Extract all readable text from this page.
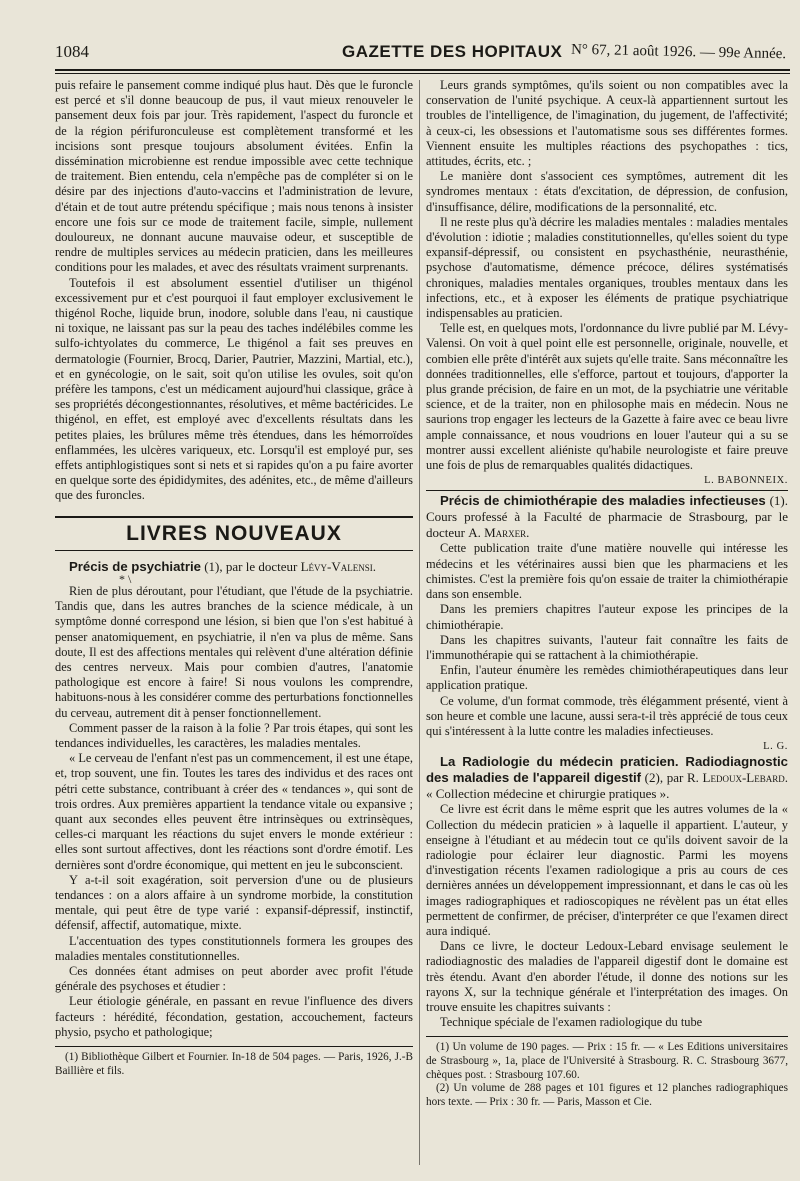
1084	GAZETTE DES HOPITAUX N° 67, 21 août 1926. — 99e Année.

puis refaire le pansement comme indiqué plus haut. Dès que le furoncle est percé et s'il donne beaucoup de pus, il vaut mieux renouveler le pansement deux fois par jour. Très rapidement, l'aspect du furoncle et de la région périfuronculeuse est complètement transformé et les incisions sont presque toujours absolument évitées. Enfin la dissémination microbienne est rendue impossible avec cette technique de traitement. Bien entendu, cela n'empêche pas de compléter si on le désire par des injections d'auto-vaccins et l'administration de levure, d'étain et de tout autre prétendu spécifique ; mais nous tenons à insister encore une fois sur ce mode de traitement facile, simple, nullement douloureux, ne donnant aucune mauvaise odeur, et susceptible de rendre de multiples services au médecin praticien, dans les meilleures conditions pour les malades, et avec des résultats vraiment surprenants.

Toutefois il est absolument essentiel d'utiliser un thigénol excessivement pur et c'est pourquoi il faut employer exclusivement le thigénol Roche, liquide brun, inodore, soluble dans l'eau, ni caustique ni toxique, ne laissant pas sur la peau des taches indélébiles comme les sulfo-ichtyolates du commerce, Le thigénol a fait ses preuves en dermatologie (Fournier, Brocq, Darier, Pautrier, Mazzini, Martial, etc.), et en gynécologie, on le sait, soit qu'on utilise les ovules, soit qu'on préfère les tampons, c'est un médicament aujourd'hui classique, grâce à ses propriétés décongestionnantes, résolutives, et même bactéricides. Le thigénol, en effet, est employé avec d'excellents résultats dans les petites plaies, les brûlures même très étendues, dans les hémorroïdes enflammées, les ulcères variqueux, etc. Lorsqu'il est employé pur, ses effets antiphlogistiques sont si nets et si rapides qu'on a pu faire avorter en quelque sorte des épididymites, des adénites, etc., de même d'ailleurs que des furoncles.

LIVRES NOUVEAUX

Précis de psychiatrie (1), par le docteur Lévy-Valensi.

* \

Rien de plus déroutant, pour l'étudiant, que l'étude de la psychiatrie. Tandis que, dans les autres branches de la science médicale, à un symptôme donné correspond une lésion, si bien que l'on s'est habitué à penser anatomiquement, en psychiatrie, il n'en va plus de même. Sans doute, Il est des affections mentales qui relèvent d'une altération définie des centres nerveux. Mais pour combien d'autres, l'anatomie pathologique est encore à faire! Si nous voulons les comprendre, habituons-nous à les considérer comme des perturbations fonctionnelles du cerveau, autrement dit à penser fonctionnellement.

Comment passer de la raison à la folie ? Par trois étapes, qui sont les tendances individuelles, les caractères, les maladies mentales.

« Le cerveau de l'enfant n'est pas un commencement, il est une étape, et, trop souvent, une fin. Toutes les tares des individus et des races ont pétri cette substance, contribuant à créer des « tendances », qui sont de trois ordres. Aux premières appartient la tendance vitale ou expansive ; quant aux secondes elles peuvent être intrinsèques ou extrinsèques, celles-ci marquant les réactions du sujet envers le monde extérieur : elles sont surtout affectives, dont les réactions sont d'ordre émotif. Les dernières sont d'ordre économique, qui mettent en jeu le subconscient.

Y a-t-il soit exagération, soit perversion d'une ou de plusieurs tendances : on a alors affaire à un syndrome morbide, la constitution mentale, qui peut être de type varié : expansif-dépressif, instinctif, défensif, affectif, automatique, mixte.

L'accentuation des types constitutionnels formera les groupes des maladies mentales constitutionnelles.

Ces données étant admises on peut aborder avec profit l'étude générale des psychoses et étudier :

Leur étiologie générale, en passant en revue l'influence des divers facteurs : hérédité, fécondation, gestation, accouchement, facteurs physio, psycho et pathologique;

(1) Bibliothèque Gilbert et Fournier. In-18 de 504 pages. — Paris, 1926, J.-B Baillière et fils.

Leurs grands symptômes, qu'ils soient ou non compatibles avec la conservation de l'unité psychique. A ceux-là appartiennent surtout les troubles de l'intelligence, de l'imagination, du jugement, de l'affectivité; à ceux-ci, les obsessions et l'automatisme sous ses différentes formes. Viennent ensuite les multiples réactions des psychopathes : tics, attitudes, écrits, etc. ;

Le manière dont s'associent ces symptômes, autrement dit les syndromes mentaux : états d'excitation, de dépression, de confusion, d'insuffisance, délire, modifications de la personnalité, etc.

Il ne reste plus qu'à décrire les maladies mentales : maladies mentales d'évolution : idiotie ; maladies constitutionnelles, qu'elles soient du type expansif-dépressif, ou consistent en psychasthénie, neurasthénie, psychose d'automatisme, démence précoce, délires systématisés chroniques, maladies mentales organiques, troubles mentaux dans les infections, etc., et à exposer les éléments de pratique psychiatrique indispensables au praticien.

Telle est, en quelques mots, l'ordonnance du livre publié par M. Lévy-Valensi. On voit à quel point elle est personnelle, originale, nouvelle, et combien elle prête d'intérêt aux sujets qu'elle traite. Sans méconnaître les données traditionnelles, elle s'efforce, partout et toujours, d'apporter la plus grande précision, de faire en un mot, de la psychiatrie une véritable science, et de la traiter, non en philosophe mais en médecin. Nous ne saurions trop engager les lecteurs de la Gazette à faire avec ce beau livre ample connaissance, et nous voudrions en louer l'auteur qui a su se montrer aussi excellent aliéniste qu'habile neurologiste et faire preuve une fois de plus de remarquables qualités didactiques.

L. BABONNEIX.

Précis de chimiothérapie des maladies infectieuses (1). Cours professé à la Faculté de pharmacie de Strasbourg, par le docteur A. Marxer.

Cette publication traite d'une matière nouvelle qui intéresse les médecins et les vétérinaires aussi bien que les pharmaciens et les chimistes. C'est la première fois qu'on essaie de traiter la chimiothérapie dans son ensemble.

Dans les premiers chapitres l'auteur expose les principes de la chimiothérapie.

Dans les chapitres suivants, l'auteur fait connaître les faits de l'immunothérapie qui se rattachent à la chimiothérapie.

Enfin, l'auteur énumère les remèdes chimiothérapeutiques dans leur application pratique.

Ce volume, d'un format commode, très élégamment présenté, vient à son heure et comble une lacune, aussi sera-t-il très apprécié de tous ceux qui s'intéressent à la lutte contre les maladies infectieuses.

L. G.

La Radiologie du médecin praticien. Radiodiagnostic des maladies de l'appareil digestif (2), par R. Ledoux-Lebard. « Collection médecine et chirurgie pratiques ».

Ce livre est écrit dans le même esprit que les autres volumes de la « Collection du médecin praticien » à laquelle il appartient. L'auteur, y enseigne à l'étudiant et au médecin tout ce qu'ils doivent savoir de la radiologie pour éclairer leur diagnostic. Parmi les moyens d'investigation récents l'examen radiologique a pris au cours de ces dernières années un développement impressionnant, et dans le cas où les images radiographiques et radioscopiques ne révèlent pas un état elles permettent de confirmer, de préciser, d'interpréter ce que l'examen direct aura indiqué.

Dans ce livre, le docteur Ledoux-Lebard envisage seulement le radiodiagnostic des maladies de l'appareil digestif dont le domaine est très étendu. Avant d'en aborder l'étude, il donne des notions sur les rayons X, sur la technique générale et l'interprétation des images. On trouve ensuite les chapitres suivants :

Technique spéciale de l'examen radiologique du tube

(1) Un volume de 190 pages. — Prix : 15 fr. — « Les Editions universitaires de Strasbourg », 1a, place de l'Université à Strasbourg. R. C. Strasbourg 3677, chèques post. : Strasbourg 107.60.

(2) Un volume de 288 pages et 101 figures et 12 planches radiographiques hors texte. — Prix : 30 fr. — Paris, Masson et Cie.
